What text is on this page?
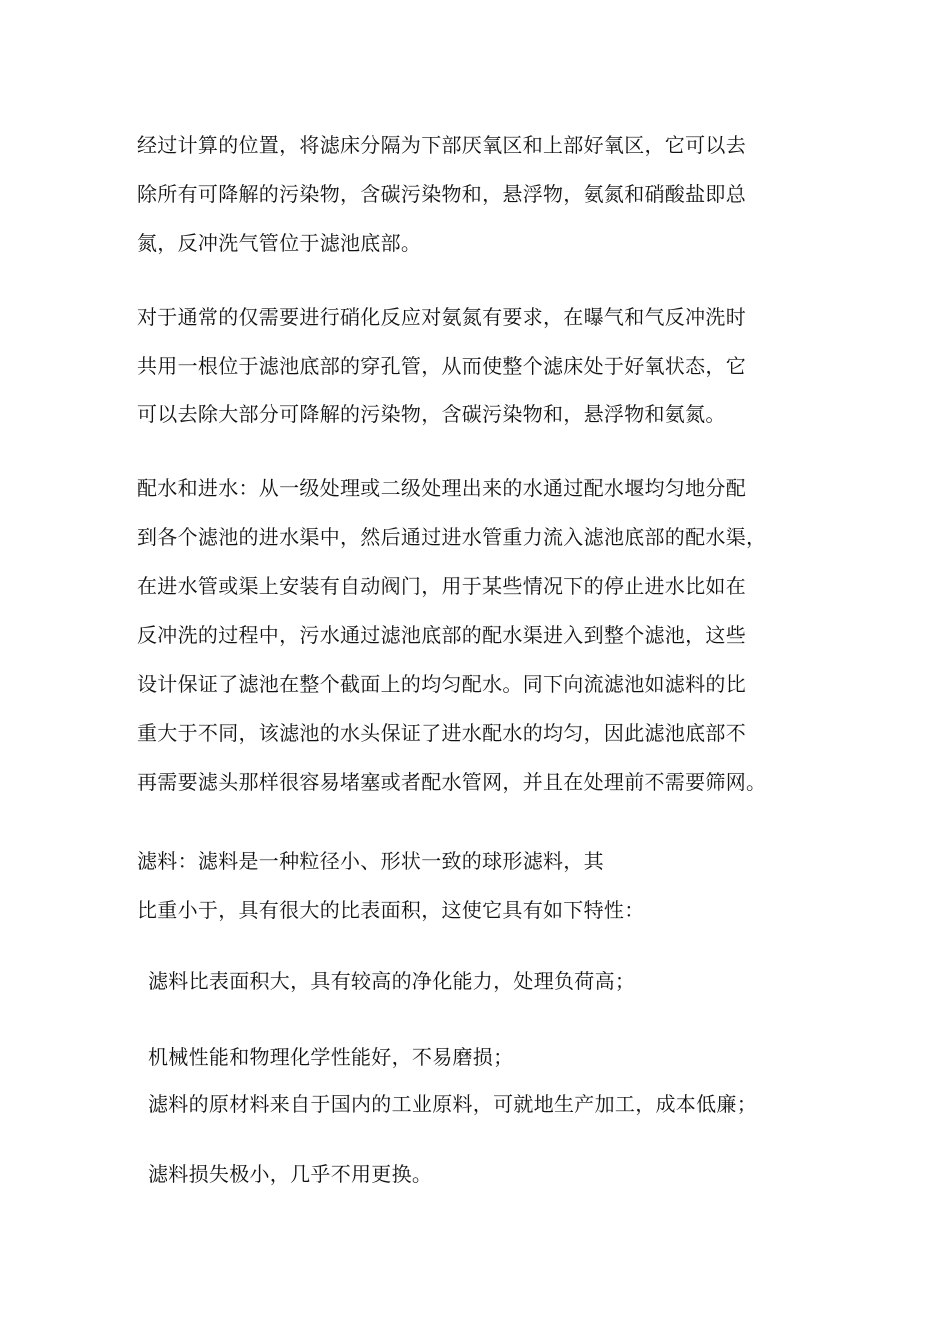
经过计算的位置，将滤床分隔为下部厌氧区和上部好氧区，它可以去
除所有可降解的污染物，含碳污染物和，悬浮物，氨氮和硝酸盐即总
氮，反冲洗气管位于滤池底部。
对于通常的仅需要进行硝化反应对氨氮有要求，在曝气和气反冲洗时
共用一根位于滤池底部的穿孔管，从而使整个滤床处于好氧状态，它
可以去除大部分可降解的污染物，含碳污染物和，悬浮物和氨氮。
配水和进水：从一级处理或二级处理出来的水通过配水堰均匀地分配
到各个滤池的进水渠中，然后通过进水管重力流入滤池底部的配水渠，
在进水管或渠上安装有自动阀门，用于某些情况下的停止进水比如在
反冲洗的过程中，污水通过滤池底部的配水渠进入到整个滤池，这些
设计保证了滤池在整个截面上的均匀配水。同下向流滤池如滤料的比
重大于不同，该滤池的水头保证了进水配水的均匀，因此滤池底部不
再需要滤头那样很容易堵塞或者配水管网，并且在处理前不需要筛网。
滤料：滤料是一种粒径小、形状一致的球形滤料，其
比重小于，具有很大的比表面积，这使它具有如下特性：
滤料比表面积大，具有较高的净化能力，处理负荷高；
机械性能和物理化学性能好，不易磨损；
滤料的原材料来自于国内的工业原料，可就地生产加工，成本低廉；
滤料损失极小，几乎不用更换。
